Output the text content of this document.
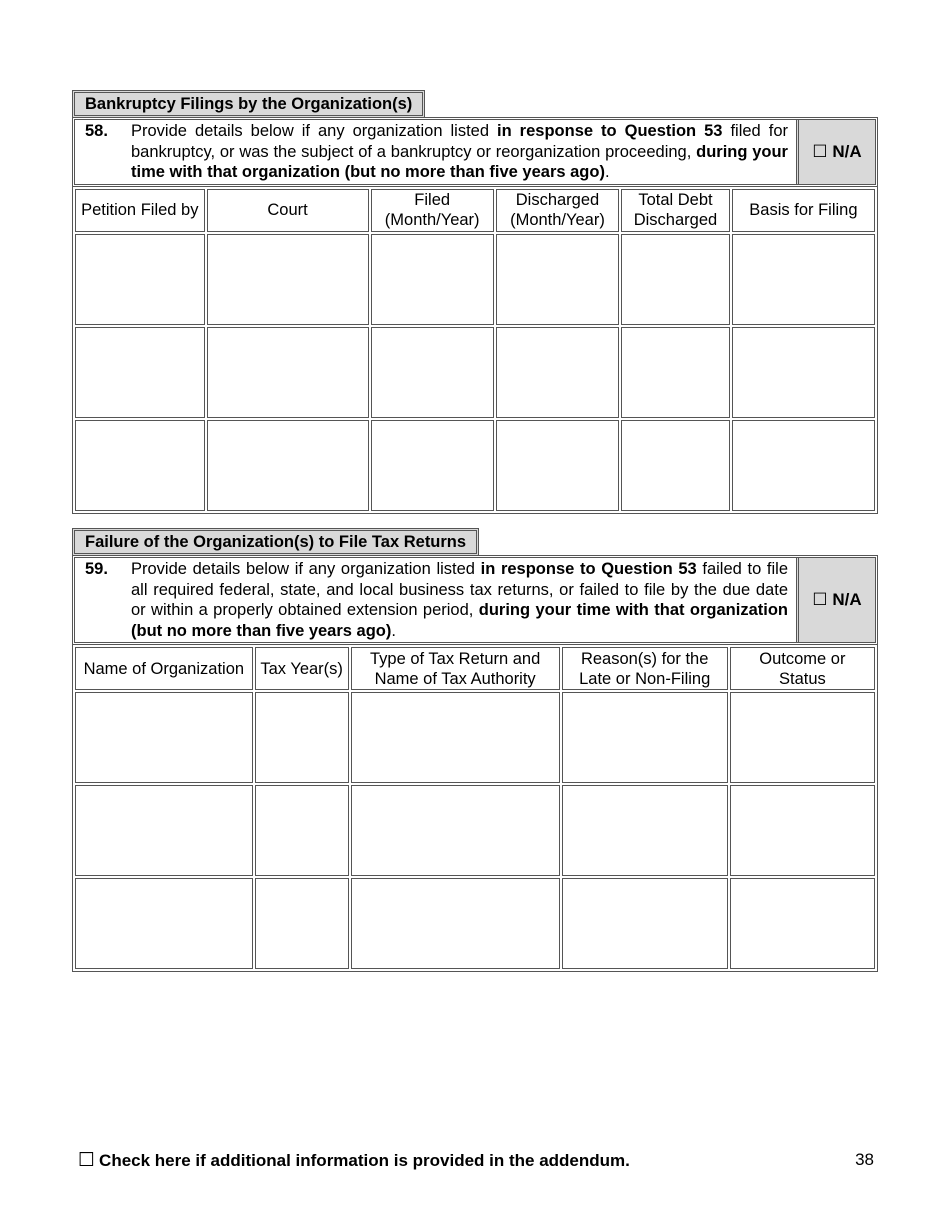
Bankruptcy Filings by the Organization(s)
58.	Provide details below if any organization listed in response to Question 53 filed for bankruptcy, or was the subject of a bankruptcy or reorganization proceeding, during your time with that organization (but no more than five years ago).
☐ N/A
Petition Filed by	Court	Filed (Month/Year)	Discharged (Month/Year)	Total Debt Discharged	Basis for Filing

Failure of the Organization(s) to File Tax Returns
59.	Provide details below if any organization listed in response to Question 53 failed to file all required federal, state, and local business tax returns, or failed to file by the due date or within a properly obtained extension period, during your time with that organization (but no more than five years ago).
☐ N/A
Name of Organization	Tax Year(s)	Type of Tax Return and Name of Tax Authority	Reason(s) for the Late or Non-Filing	Outcome or Status

☐ Check here if additional information is provided in the addendum.	38
